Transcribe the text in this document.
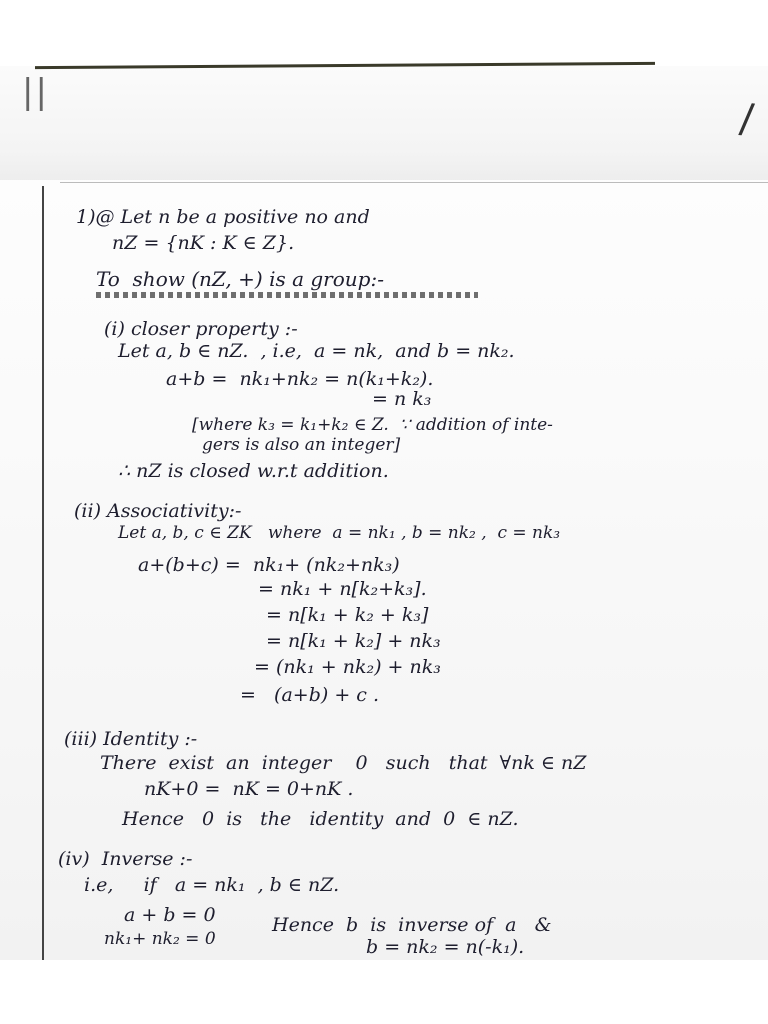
||
/

1)@ Let n be a positive no and

nZ = {nK : K ∈ Z}.

To  show (nZ, +) is a group:-

(i) closer property :-

Let a, b ∈ nZ.  , i.e,  a = nk,  and b = nk₂.

a+b =  nk₁+nk₂ = n(k₁+k₂).

= n k₃

[where k₃ = k₁+k₂ ∈ Z.  ∵ addition of inte-

gers is also an integer]

∴ nZ is closed w.r.t addition.

(ii) Associativity:-

Let a, b, c ∈ ZK   where  a = nk₁ , b = nk₂ ,  c = nk₃

a+(b+c) =  nk₁+ (nk₂+nk₃)

= nk₁ + n[k₂+k₃].

= n[k₁ + k₂ + k₃]

= n[k₁ + k₂] + nk₃

= (nk₁ + nk₂) + nk₃

=   (a+b) + c .

(iii) Identity :-

There  exist  an  integer    0   such   that  ∀nk ∈ nZ

nK+0 =  nK = 0+nK .

Hence   0  is   the   identity  and  0  ∈ nZ.

(iv)  Inverse :-

i.e,     if   a = nk₁  , b ∈ nZ.

a + b = 0

nk₁+ nk₂ = 0

Hence  b  is  inverse of  a   &

b = nk₂ = n(-k₁).
